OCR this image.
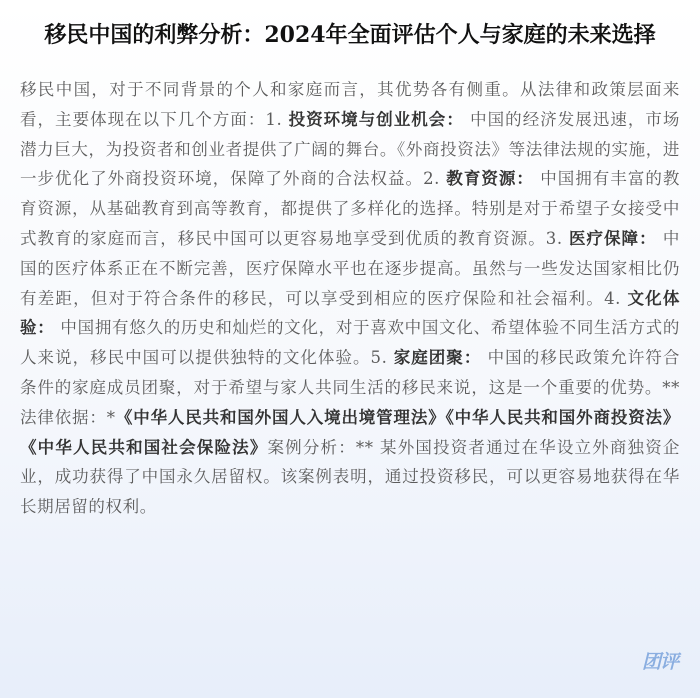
移民中国的利弊分析：2024年全面评估个人与家庭的未来选择
移民中国，对于不同背景的个人和家庭而言，其优势各有侧重。从法律和政策层面来看，主要体现在以下几个方面：1. 投资环境与创业机会： 中国的经济发展迅速，市场潜力巨大，为投资者和创业者提供了广阔的舞台。《外商投资法》等法律法规的实施，进一步优化了外商投资环境，保障了外商的合法权益。2. 教育资源： 中国拥有丰富的教育资源，从基础教育到高等教育，都提供了多样化的选择。特别是对于希望子女接受中式教育的家庭而言，移民中国可以更容易地享受到优质的教育资源。3. 医疗保障： 中国的医疗体系正在不断完善，医疗保障水平也在逐步提高。虽然与一些发达国家相比仍有差距，但对于符合条件的移民，可以享受到相应的医疗保险和社会福利。4. 文化体验： 中国拥有悠久的历史和灿烂的文化，对于喜欢中国文化、希望体验不同生活方式的人来说，移民中国可以提供独特的文化体验。5. 家庭团聚： 中国的移民政策允许符合条件的家庭成员团聚，对于希望与家人共同生活的移民来说，这是一个重要的优势。**法律依据：*《中华人民共和国外国人入境出境管理法》《中华人民共和国外商投资法》《中华人民共和国社会保险法》案例分析：** 某外国投资者通过在华设立外商独资企业，成功获得了中国永久居留权。该案例表明，通过投资移民，可以更容易地获得在华长期居留的权利。
团评
